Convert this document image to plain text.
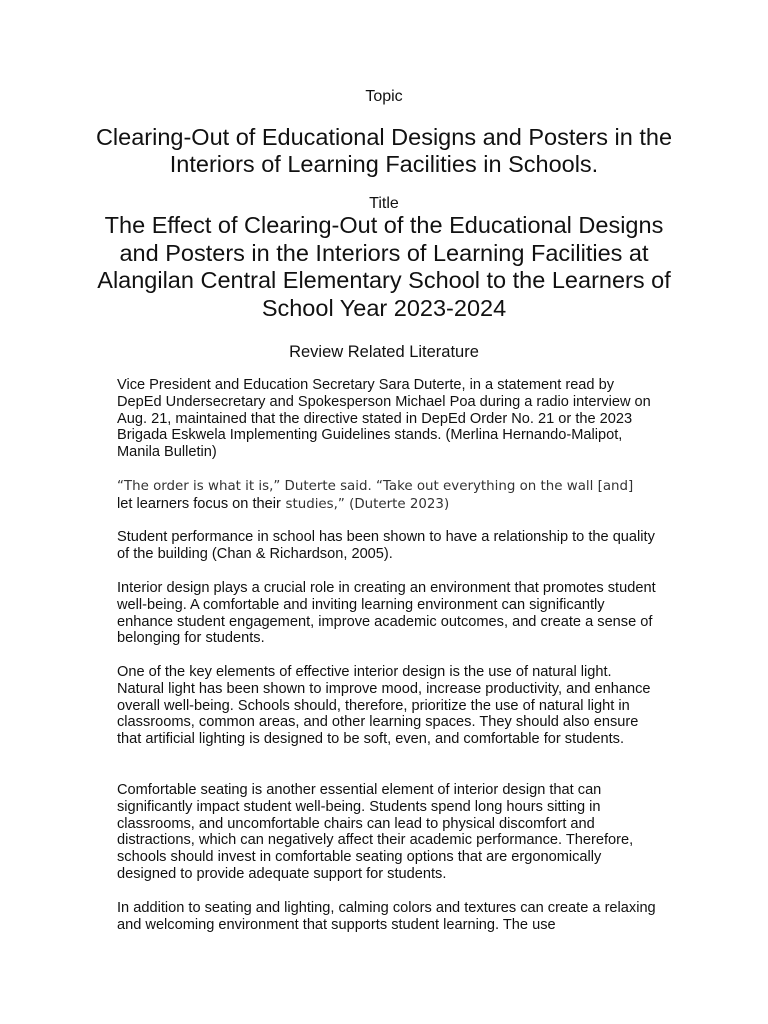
Topic
Clearing-Out of Educational Designs and Posters in the Interiors of Learning Facilities in Schools.
Title
The Effect of Clearing-Out of the Educational Designs and Posters in the Interiors of Learning Facilities at Alangilan Central Elementary School to the Learners of School Year 2023-2024
Review Related Literature

Vice President and Education Secretary Sara Duterte, in a statement read by DepEd Undersecretary and Spokesperson Michael Poa during a radio interview on Aug. 21, maintained that the directive stated in DepEd Order No. 21 or the 2023 Brigada Eskwela Implementing Guidelines stands. (Merlina Hernando-Malipot, Manila Bulletin)

“The order is what it is,” Duterte said. “Take out everything on the wall [and]
let learners focus on their studies,” (Duterte 2023)

Student performance in school has been shown to have a relationship to the quality of the building (Chan & Richardson, 2005).

Interior design plays a crucial role in creating an environment that promotes student well-being. A comfortable and inviting learning environment can significantly enhance student engagement, improve academic outcomes, and create a sense of belonging for students.

One of the key elements of effective interior design is the use of natural light. Natural light has been shown to improve mood, increase productivity, and enhance overall well-being. Schools should, therefore, prioritize the use of natural light in classrooms, common areas, and other learning spaces. They should also ensure that artificial lighting is designed to be soft, even, and comfortable for students.

Comfortable seating is another essential element of interior design that can significantly impact student well-being. Students spend long hours sitting in classrooms, and uncomfortable chairs can lead to physical discomfort and distractions, which can negatively affect their academic performance. Therefore, schools should invest in comfortable seating options that are ergonomically designed to provide adequate support for students.

In addition to seating and lighting, calming colors and textures can create a relaxing and welcoming environment that supports student learning. The use
